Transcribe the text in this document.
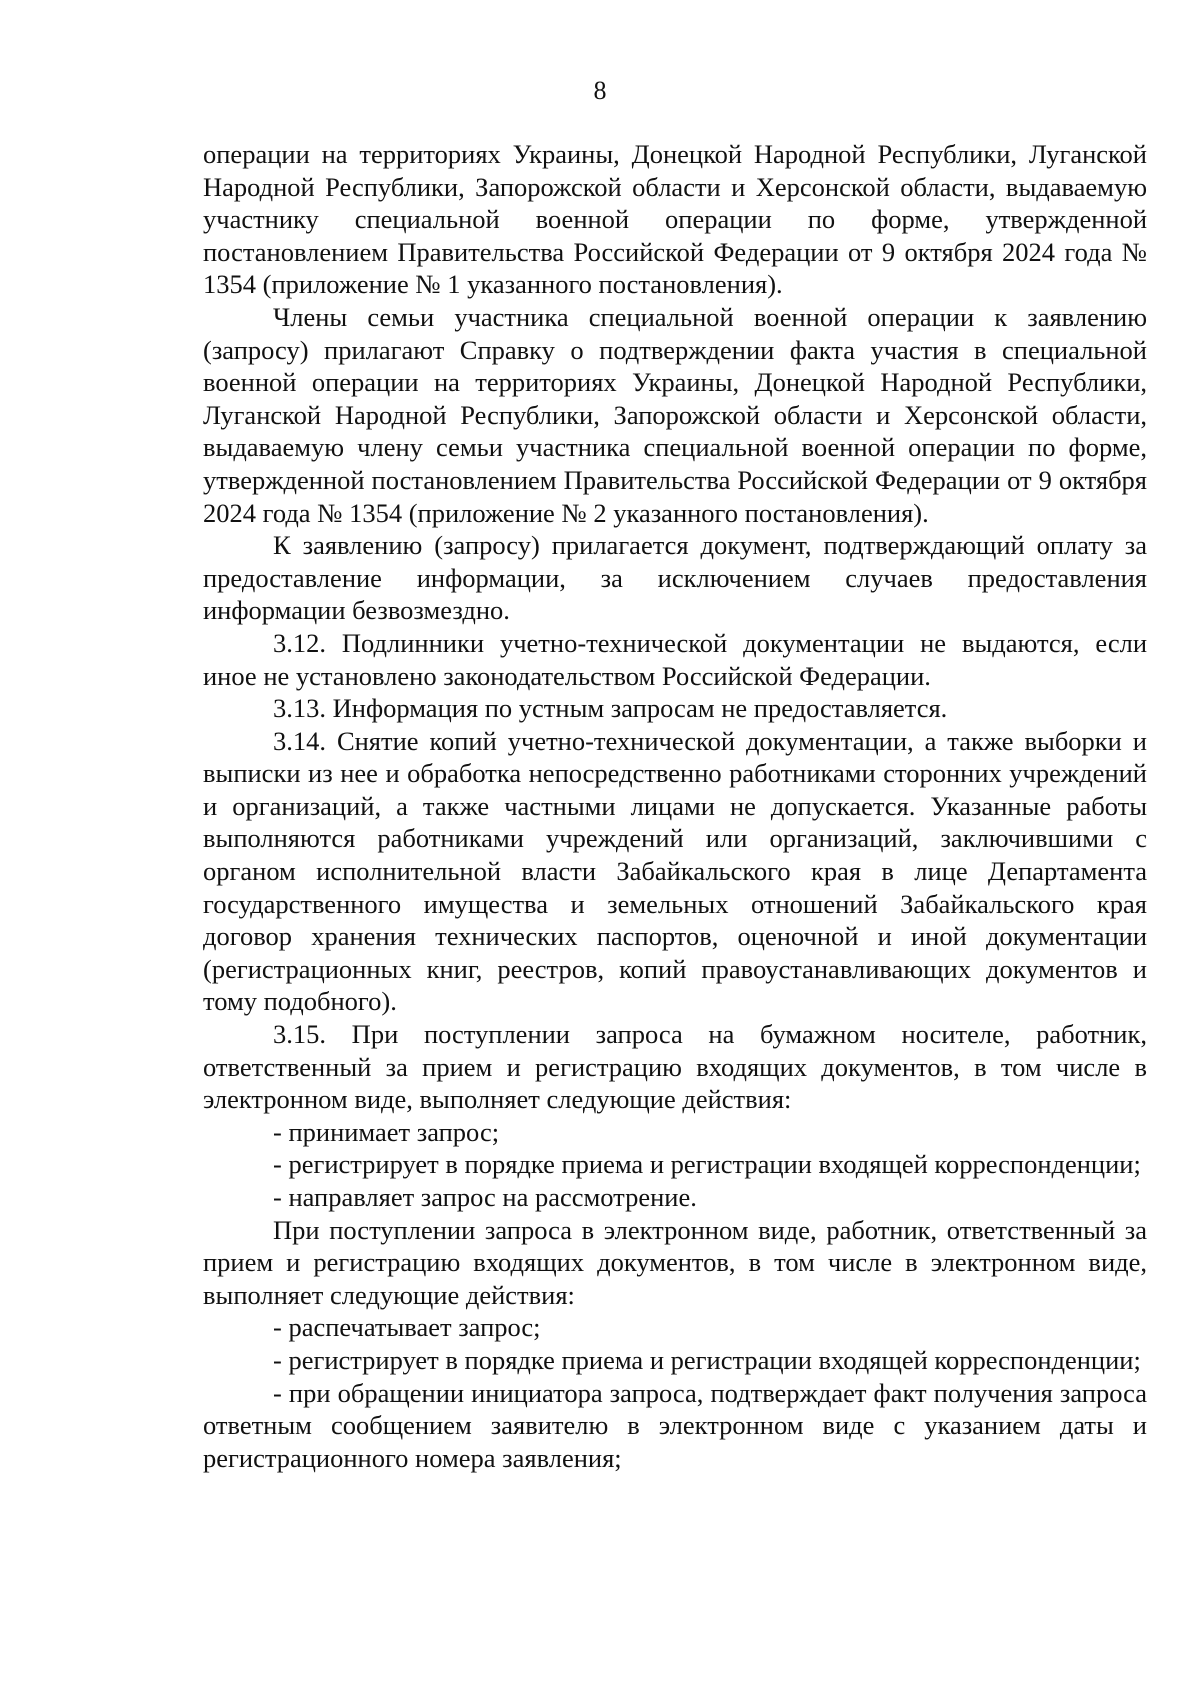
8

операции на территориях Украины, Донецкой Народной Республики, Луганской Народной Республики, Запорожской области и Херсонской области, выдаваемую участнику специальной военной операции по форме, утвержденной постановлением Правительства Российской Федерации от 9 октября 2024 года № 1354 (приложение № 1 указанного постановления).

Члены семьи участника специальной военной операции к заявлению (запросу) прилагают Справку о подтверждении факта участия в специальной военной операции на территориях Украины, Донецкой Народной Республики, Луганской Народной Республики, Запорожской области и Херсонской области, выдаваемую члену семьи участника специальной военной операции по форме, утвержденной постановлением Правительства Российской Федерации от 9 октября 2024 года № 1354 (приложение № 2 указанного постановления).

К заявлению (запросу) прилагается документ, подтверждающий оплату за предоставление информации, за исключением случаев предоставления информации безвозмездно.

3.12. Подлинники учетно-технической документации не выдаются, если иное не установлено законодательством Российской Федерации.

3.13. Информация по устным запросам не предоставляется.

3.14. Снятие копий учетно-технической документации, а также выборки и выписки из нее и обработка непосредственно работниками сторонних учреждений и организаций, а также частными лицами не допускается. Указанные работы выполняются работниками учреждений или организаций, заключившими с органом исполнительной власти Забайкальского края в лице Департамента государственного имущества и земельных отношений Забайкальского края договор хранения технических паспортов, оценочной и иной документации (регистрационных книг, реестров, копий правоустанавливающих документов и тому подобного).

3.15. При поступлении запроса на бумажном носителе, работник, ответственный за прием и регистрацию входящих документов, в том числе в электронном виде, выполняет следующие действия:

- принимает запрос;

- регистрирует в порядке приема и регистрации входящей корреспонденции;

- направляет запрос на рассмотрение.

При поступлении запроса в электронном виде, работник, ответственный за прием и регистрацию входящих документов, в том числе в электронном виде, выполняет следующие действия:

- распечатывает запрос;

- регистрирует в порядке приема и регистрации входящей корреспонденции;

- при обращении инициатора запроса, подтверждает факт получения запроса ответным сообщением заявителю в электронном виде с указанием даты и регистрационного номера заявления;
